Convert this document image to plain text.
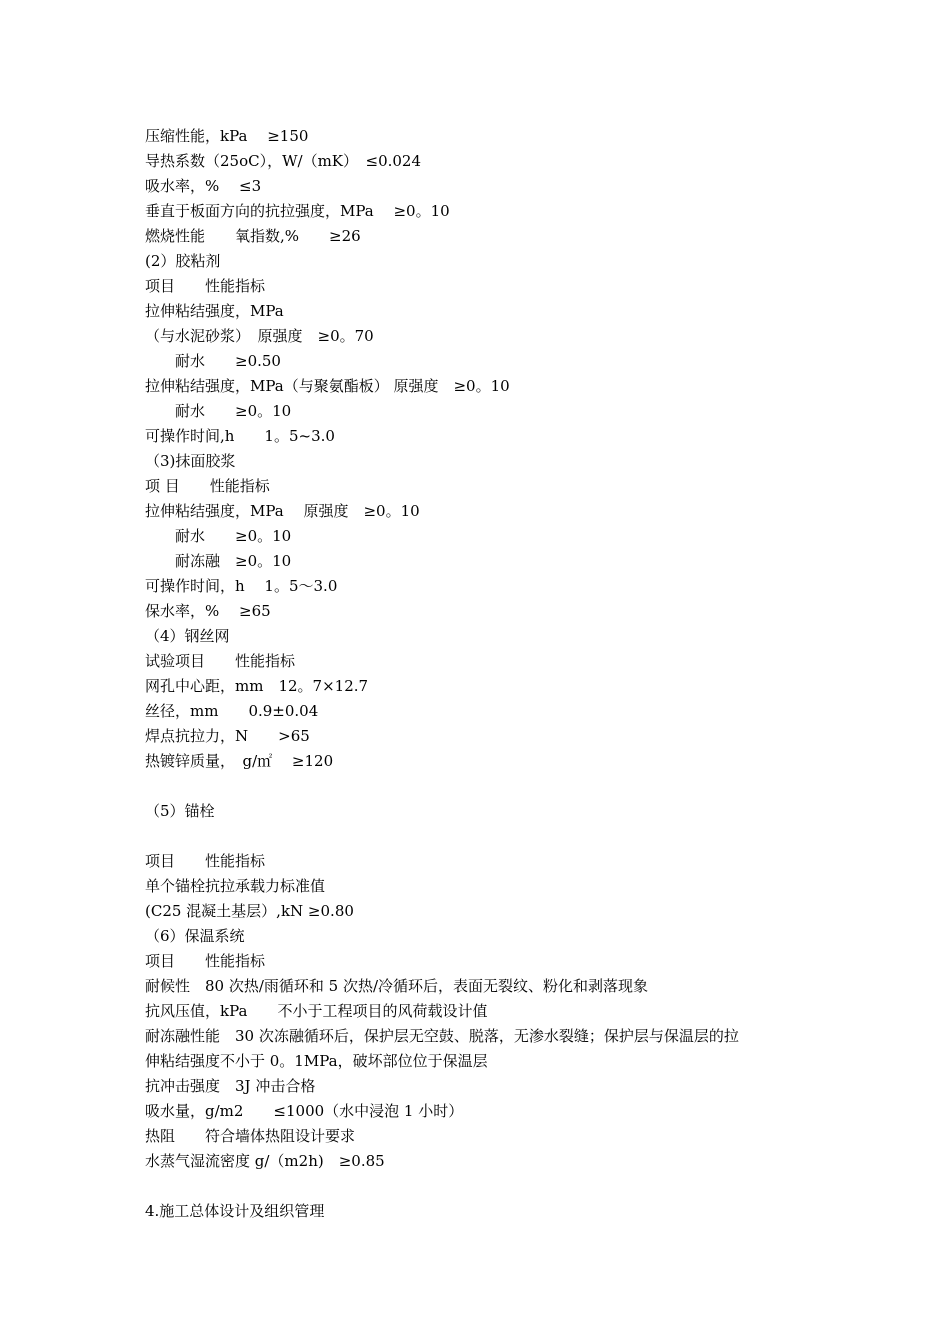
压缩性能，kPa　 ≥150
导热系数（25oC），W/（mK）　≤0.024
吸水率，%　 ≤3
垂直于板面方向的抗拉强度，MPa　 ≥0。10
燃烧性能　　氧指数,%　　≥26
(2）胶粘剂
项目　　性能指标
拉伸粘结强度，MPa
（与水泥砂浆）　原强度　≥0。70
　　耐水　　≥0.50
拉伸粘结强度，MPa（与聚氨酯板） 原强度　≥0。10
　　耐水　　≥0。10
可操作时间,h　　1。5~3.0
（3)抹面胶浆
项 目　　性能指标
拉伸粘结强度，MPa　 原强度　≥0。10
　　耐水　　≥0。10
　　耐冻融　≥0。10
可操作时间，h　 1。5～3.0
保水率，%　 ≥65
（4）钢丝网
试验项目　　性能指标
网孔中心距，mm　12。7×12.7
丝径，mm　　0.9±0.04
焊点抗拉力，N　　>65
热镀锌质量，　g/㎡　 ≥120
（5）锚栓
项目　　性能指标
单个锚栓抗拉承载力标准值
(C25 混凝土基层）,kN ≥0.80
（6）保温系统
项目　　性能指标
耐候性　80 次热/雨循环和 5 次热/冷循环后，表面无裂纹、粉化和剥落现象
抗风压值，kPa　　不小于工程项目的风荷载设计值
耐冻融性能　30 次冻融循环后，保护层无空鼓、脱落，无渗水裂缝；保护层与保温层的拉
伸粘结强度不小于 0。1MPa，破坏部位位于保温层
抗冲击强度　3J 冲击合格
吸水量，g/m2　　≤1000（水中浸泡 1 小时）
热阻　　符合墙体热阻设计要求
水蒸气湿流密度 g/（m2h)　≥0.85
4.施工总体设计及组织管理
